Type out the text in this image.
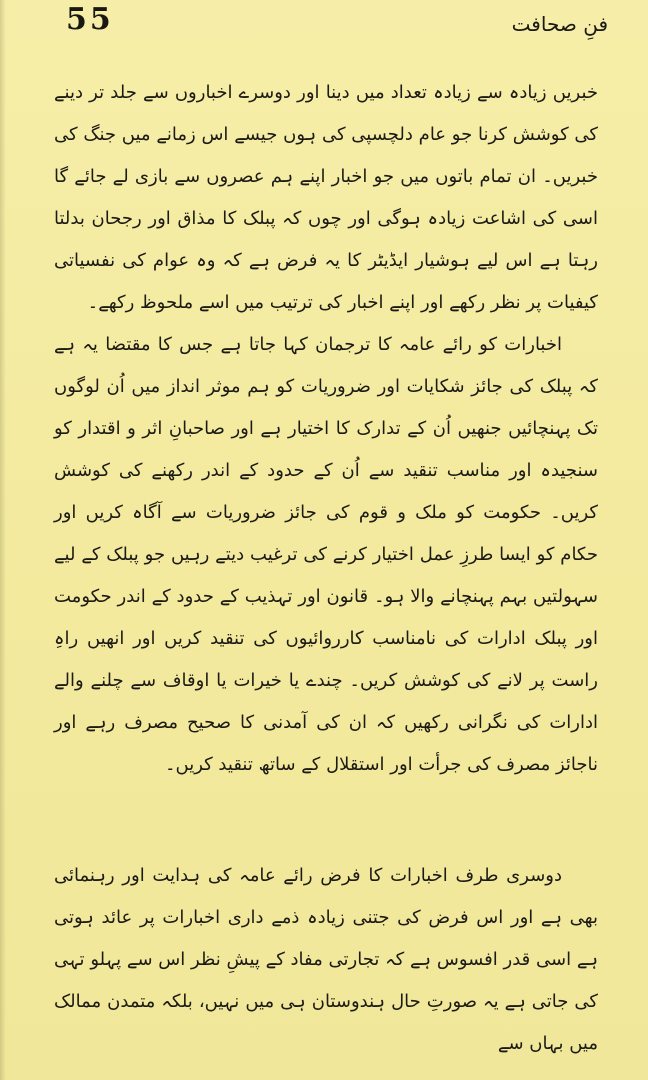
55	فنِ صحافت

خبریں زیادہ سے زیادہ تعداد میں دینا اور دوسرے اخباروں سے جلد تر دینے کی کوشش کرنا جو عام دلچسپی کی ہوں جیسے اس زمانے میں جنگ کی خبریں۔ ان تمام باتوں میں جو اخبار اپنے ہم عصروں سے بازی لے جائے گا اسی کی اشاعت زیادہ ہوگی اور چوں کہ پبلک کا مذاق اور رجحان بدلتا رہتا ہے اس لیے ہوشیار ایڈیٹر کا یہ فرض ہے کہ وہ عوام کی نفسیاتی کیفیات پر نظر رکھے اور اپنے اخبار کی ترتیب میں اسے ملحوظ رکھے۔

اخبارات کو رائے عامہ کا ترجمان کہا جاتا ہے جس کا مقتضا یہ ہے کہ پبلک کی جائز شکایات اور ضروریات کو ہم موثر انداز میں اُن لوگوں تک پہنچائیں جنھیں اُن کے تدارک کا اختیار ہے اور صاحبانِ اثر و اقتدار کو سنجیدہ اور مناسب تنقید سے اُن کے حدود کے اندر رکھنے کی کوشش کریں۔ حکومت کو ملک و قوم کی جائز ضروریات سے آگاہ کریں اور حکام کو ایسا طرزِ عمل اختیار کرنے کی ترغیب دیتے رہیں جو پبلک کے لیے سہولتیں بہم پہنچانے والا ہو۔ قانون اور تہذیب کے حدود کے اندر حکومت اور پبلک ادارات کی نامناسب کارروائیوں کی تنقید کریں اور انھیں راہِ راست پر لانے کی کوشش کریں۔ چندے یا خیرات یا اوقاف سے چلنے والے ادارات کی نگرانی رکھیں کہ ان کی آمدنی کا صحیح مصرف رہے اور ناجائز مصرف کی جرأت اور استقلال کے ساتھ تنقید کریں۔

دوسری طرف اخبارات کا فرض رائے عامہ کی ہدایت اور رہنمائی بھی ہے اور اس فرض کی جتنی زیادہ ذمے داری اخبارات پر عائد ہوتی ہے اسی قدر افسوس ہے کہ تجارتی مفاد کے پیشِ نظر اس سے پہلو تہی کی جاتی ہے یہ صورتِ حال ہندوستان ہی میں نہیں، بلکہ متمدن ممالک میں بہاں سے
